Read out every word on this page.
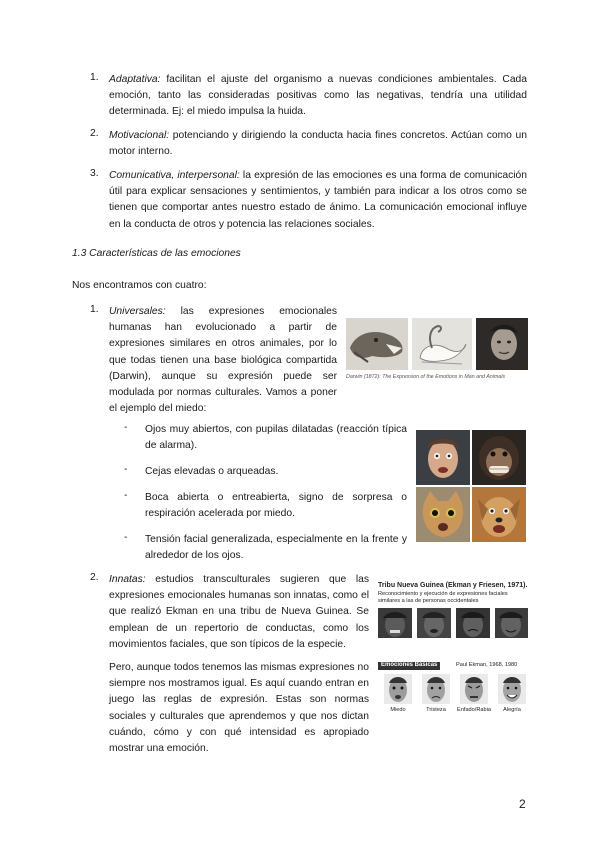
1. Adaptativa: facilitan el ajuste del organismo a nuevas condiciones ambientales. Cada emoción, tanto las consideradas positivas como las negativas, tendría una utilidad determinada. Ej: el miedo impulsa la huida.

2. Motivacional: potenciando y dirigiendo la conducta hacia fines concretos. Actúan como un motor interno.

3. Comunicativa, interpersonal: la expresión de las emociones es una forma de comunicación útil para explicar sensaciones y sentimientos, y también para indicar a los otros como se tienen que comportar antes nuestro estado de ánimo. La comunicación emocional influye en la conducta de otros y potencia las relaciones sociales.

1.3 Características de las emociones
Nos encontramos con cuatro:
1. Universales: las expresiones emocionales humanas han evolucionado a partir de expresiones similares en otros animales, por lo que todas tienen una base biológica compartida (Darwin), aunque su expresión puede ser modulada por normas culturales. Vamos a poner el ejemplo del miedo:

Darwin (1872): The Expression of the Emotions in Man and Animals
- Ojos muy abiertos, con pupilas dilatadas (reacción típica de alarma).

- Cejas elevadas o arqueadas.

- Boca abierta o entreabierta, signo de sorpresa o respiración acelerada por miedo.

- Tensión facial generalizada, especialmente en la frente y alrededor de los ojos.

2. Innatas: estudios transculturales sugieren que las expresiones emocionales humanas son innatas, como el que realizó Ekman en una tribu de Nueva Guinea. Se emplean de un repertorio de conductas, como los movimientos faciales, que son típicos de la especie.

Pero, aunque todos tenemos las mismas expresiones no siempre nos mostramos igual. Es aquí cuando entran en juego las reglas de expresión. Estas son normas sociales y culturales que aprendemos y que nos dictan cuándo, cómo y con qué intensidad es apropiado mostrar una emoción.
Tribu Nueva Guinea (Ekman y Friesen, 1971).
Reconocimiento y ejecución de expresiones faciales similares a las de personas occidentales
Emociones Básicas	Paul Ekman, 1968, 1980
Miedo	Tristeza	Enfado/Rabia	Alegría
2
